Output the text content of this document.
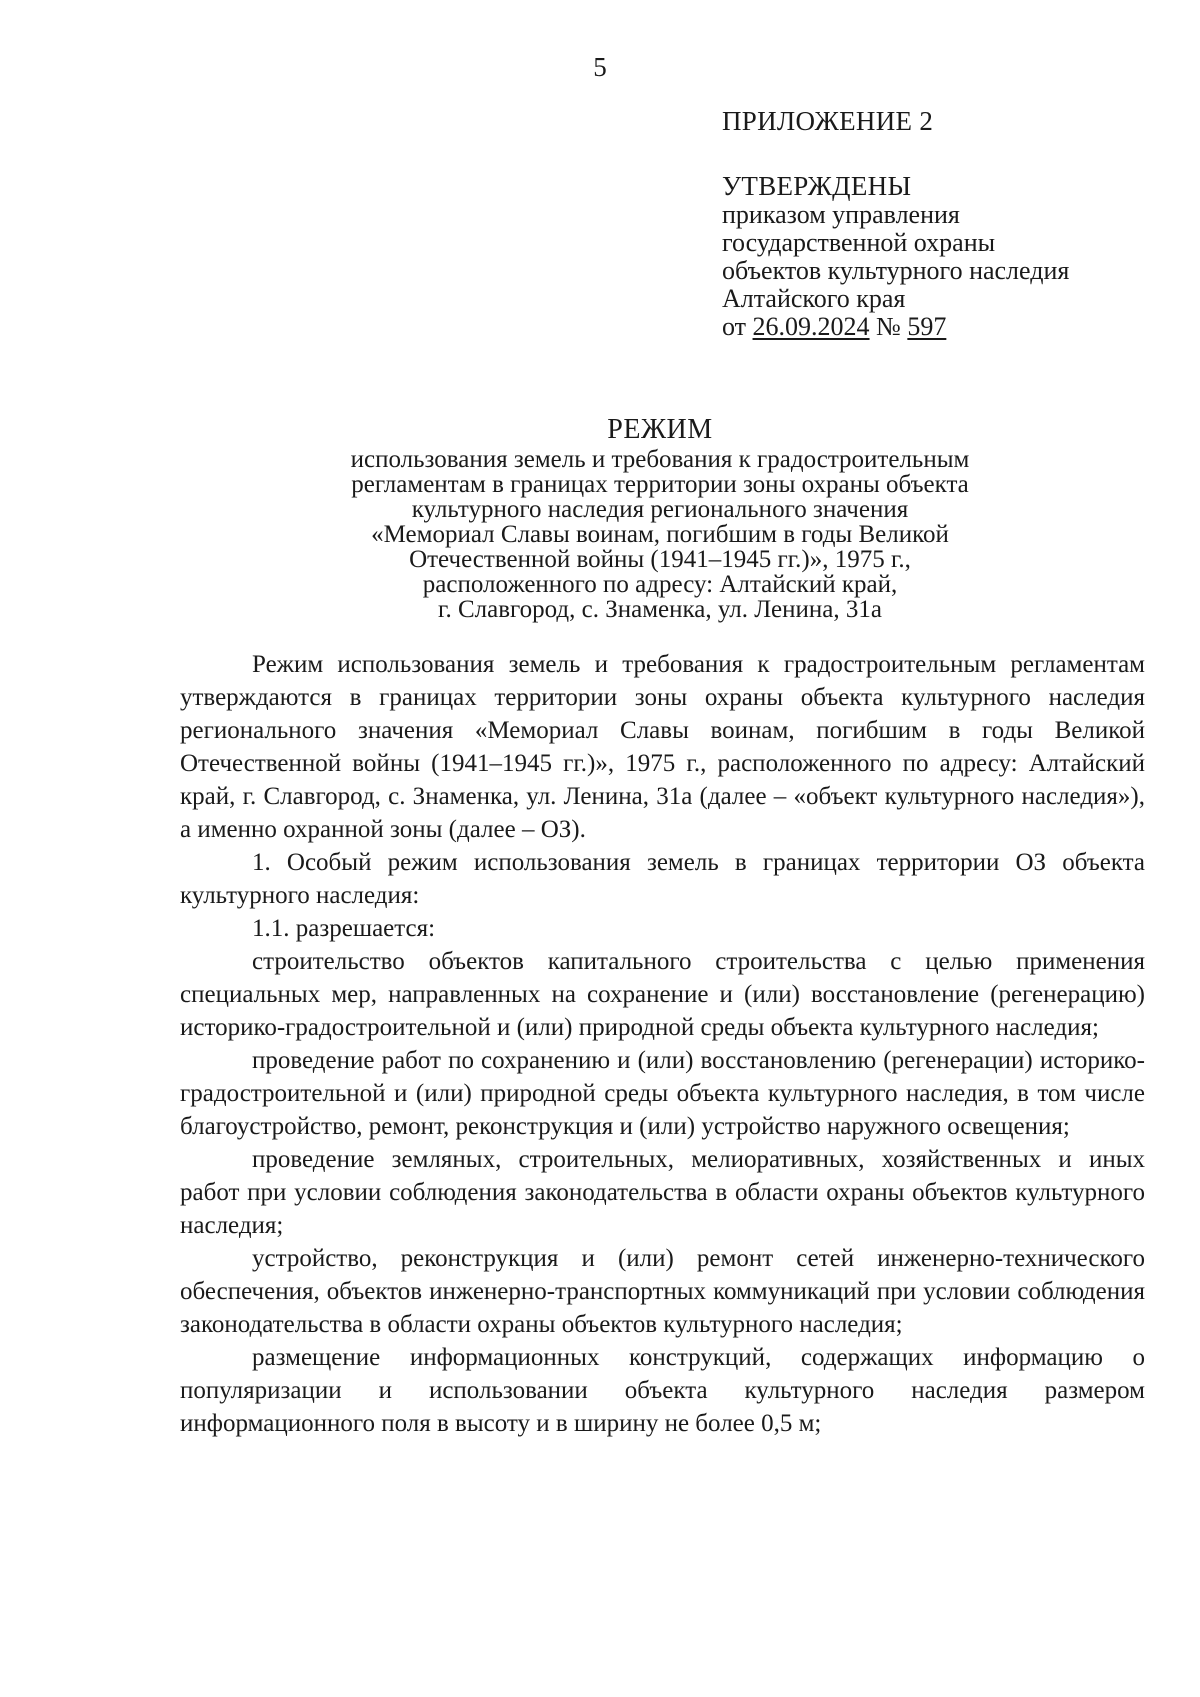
5
ПРИЛОЖЕНИЕ 2
УТВЕРЖДЕНЫ
приказом управления
государственной охраны
объектов культурного наследия
Алтайского края
от 26.09.2024 № 597
РЕЖИМ
использования земель и требования к градостроительным
регламентам в границах территории зоны охраны объекта
культурного наследия регионального значения
«Мемориал Славы воинам, погибшим в годы Великой
Отечественной войны (1941–1945 гг.)», 1975 г.,
расположенного по адресу: Алтайский край,
г. Славгород, с. Знаменка, ул. Ленина, 31а

Режим использования земель и требования к градостроительным регламентам утверждаются в границах территории зоны охраны объекта культурного наследия регионального значения «Мемориал Славы воинам, погибшим в годы Великой Отечественной войны (1941–1945 гг.)», 1975 г., расположенного по адресу: Алтайский край, г. Славгород, с. Знаменка, ул. Ленина, 31а (далее – «объект культурного наследия»), а именно охранной зоны (далее – ОЗ).

1. Особый режим использования земель в границах территории ОЗ объекта культурного наследия:

1.1. разрешается:

строительство объектов капитального строительства с целью применения специальных мер, направленных на сохранение и (или) восстановление (регенерацию) историко-градостроительной и (или) природной среды объекта культурного наследия;

проведение работ по сохранению и (или) восстановлению (регенерации) историко-градостроительной и (или) природной среды объекта культурного наследия, в том числе благоустройство, ремонт, реконструкция и (или) устройство наружного освещения;

проведение земляных, строительных, мелиоративных, хозяйственных и иных работ при условии соблюдения законодательства в области охраны объектов культурного наследия;

устройство, реконструкция и (или) ремонт сетей инженерно-технического обеспечения, объектов инженерно-транспортных коммуникаций при условии соблюдения законодательства в области охраны объектов культурного наследия;

размещение информационных конструкций, содержащих информацию о популяризации и использовании объекта культурного наследия размером информационного поля в высоту и в ширину не более 0,5 м;
